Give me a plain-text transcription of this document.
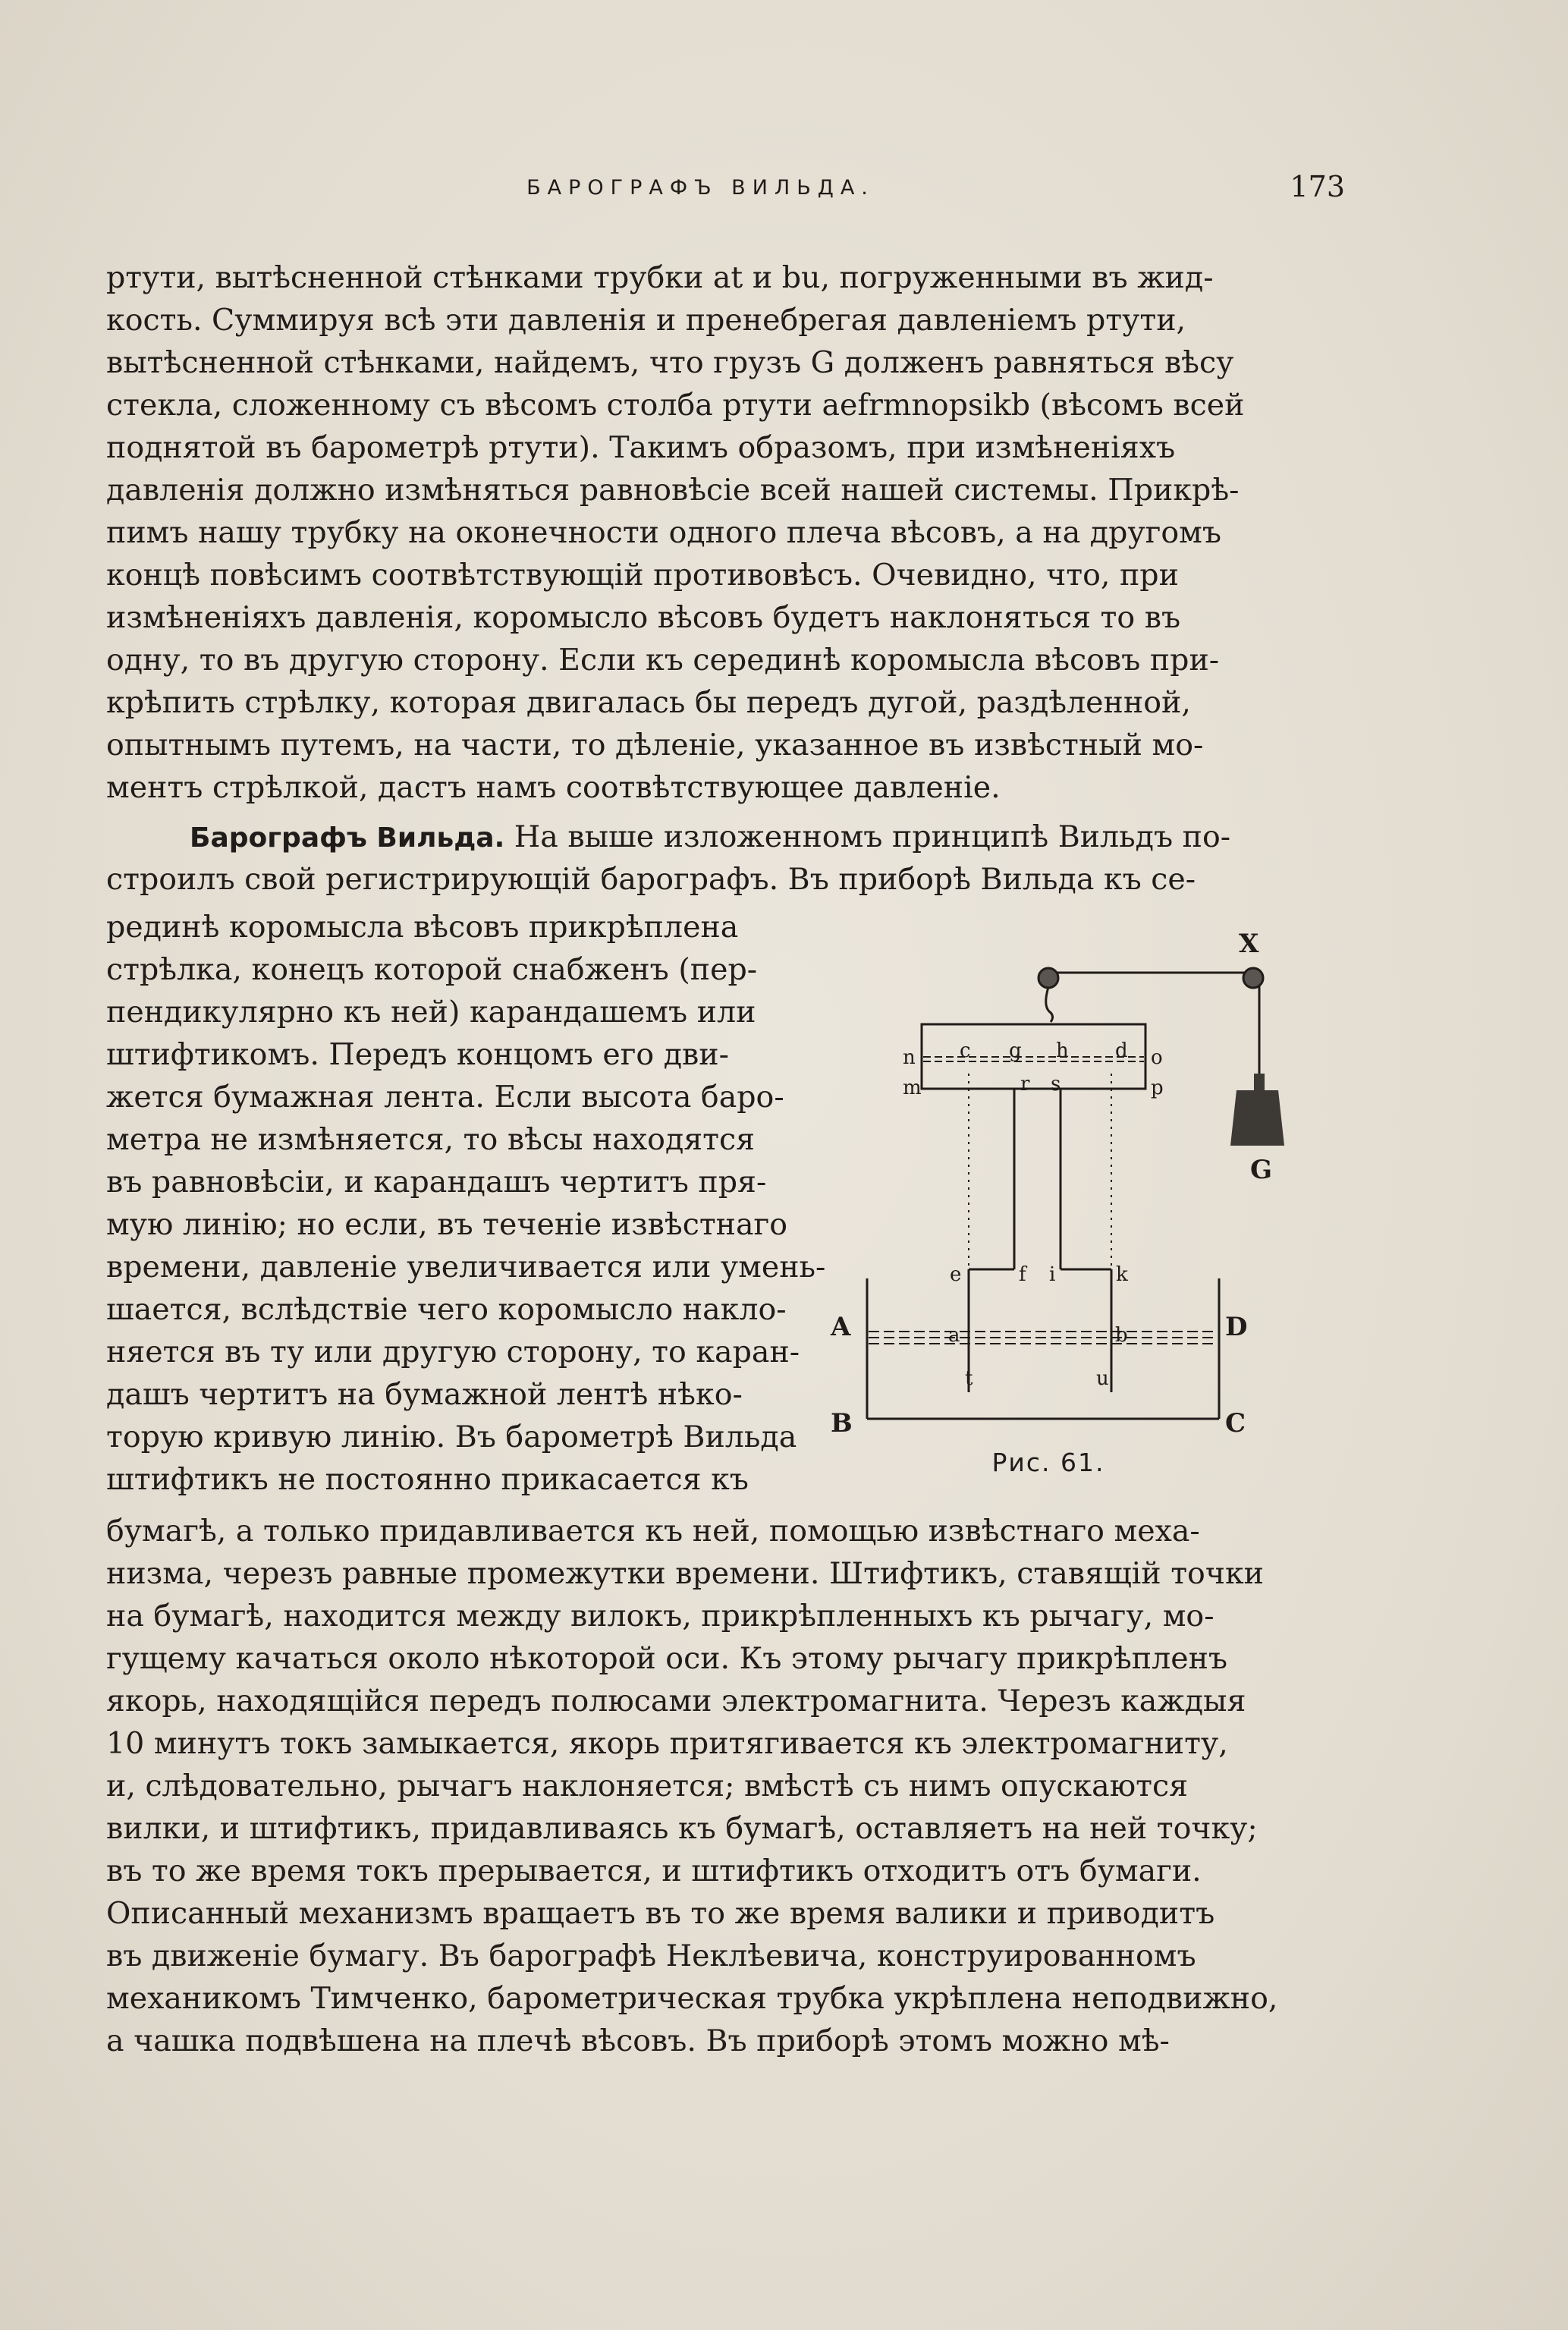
БАРОГРАФЪ ВИЛЬДА.	173
ртути, вытѣсненной стѣнками трубки at и bu, погруженными въ жид-
кость. Суммируя всѣ эти давленія и пренебрегая давленіемъ ртути,
вытѣсненной стѣнками, найдемъ, что грузъ G долженъ равняться вѣсу
стекла, сложенному съ вѣсомъ столба ртути aefrmnopsikb (вѣсомъ всей
поднятой въ барометрѣ ртути). Такимъ образомъ, при измѣненіяхъ
давленія должно измѣняться равновѣсіе всей нашей системы. Прикрѣ-
пимъ нашу трубку на оконечности одного плеча вѣсовъ, а на другомъ
концѣ повѣсимъ соотвѣтствующій противовѣсъ. Очевидно, что, при
измѣненіяхъ давленія, коромысло вѣсовъ будетъ наклоняться то въ
одну, то въ другую сторону. Если къ серединѣ коромысла вѣсовъ при-
крѣпить стрѣлку, которая двигалась бы передъ дугой, раздѣленной,
опытнымъ путемъ, на части, то дѣленіе, указанное въ извѣстный мо-
ментъ стрѣлкой, дастъ намъ соотвѣтствующее давленіе.
Барографъ Вильда. На выше изложенномъ принципѣ Вильдъ по-
строилъ свой регистрирующій барографъ. Въ приборѣ Вильда къ се-
рединѣ коромысла вѣсовъ прикрѣплена
стрѣлка, конецъ которой снабженъ (пер-
пендикулярно къ ней) карандашемъ или
штифтикомъ. Передъ концомъ его дви-
жется бумажная лента. Если высота баро-
метра не измѣняется, то вѣсы находятся
въ равновѣсіи, и карандашъ чертитъ пря-
мую линію; но если, въ теченіе извѣстнаго
времени, давленіе увеличивается или умень-
шается, вслѣдствіе чего коромысло накло-
няется въ ту или другую сторону, то каран-
дашъ чертитъ на бумажной лентѣ нѣко-
торую кривую линію. Въ барометрѣ Вильда
штифтикъ не постоянно прикасается къ
бумагѣ, а только придавливается къ ней, помощью извѣстнаго меха-
низма, черезъ равные промежутки времени. Штифтикъ, ставящій точки
на бумагѣ, находится между вилокъ, прикрѣпленныхъ къ рычагу, мо-
гущему качаться около нѣкоторой оси. Къ этому рычагу прикрѣпленъ
якорь, находящійся передъ полюсами электромагнита. Черезъ каждыя
10 минутъ токъ замыкается, якорь притягивается къ электромагниту,
и, слѣдовательно, рычагъ наклоняется; вмѣстѣ съ нимъ опускаются
вилки, и штифтикъ, придавливаясь къ бумагѣ, оставляетъ на ней точку;
въ то же время токъ прерывается, и штифтикъ отходитъ отъ бумаги.
Описанный механизмъ вращаетъ въ то же время валики и приводитъ
въ движеніе бумагу. Въ барографѣ Неклѣевича, конструированномъ
механикомъ Тимченко, барометрическая трубка укрѣплена неподвижно,
а чашка подвѣшена на плечѣ вѣсовъ. Въ приборѣ этомъ можно мѣ-
X
G
A
B	C
D
n
m
o
p
c g h d
r s
e	f i	k
a	b
t	u
Рис. 61.
